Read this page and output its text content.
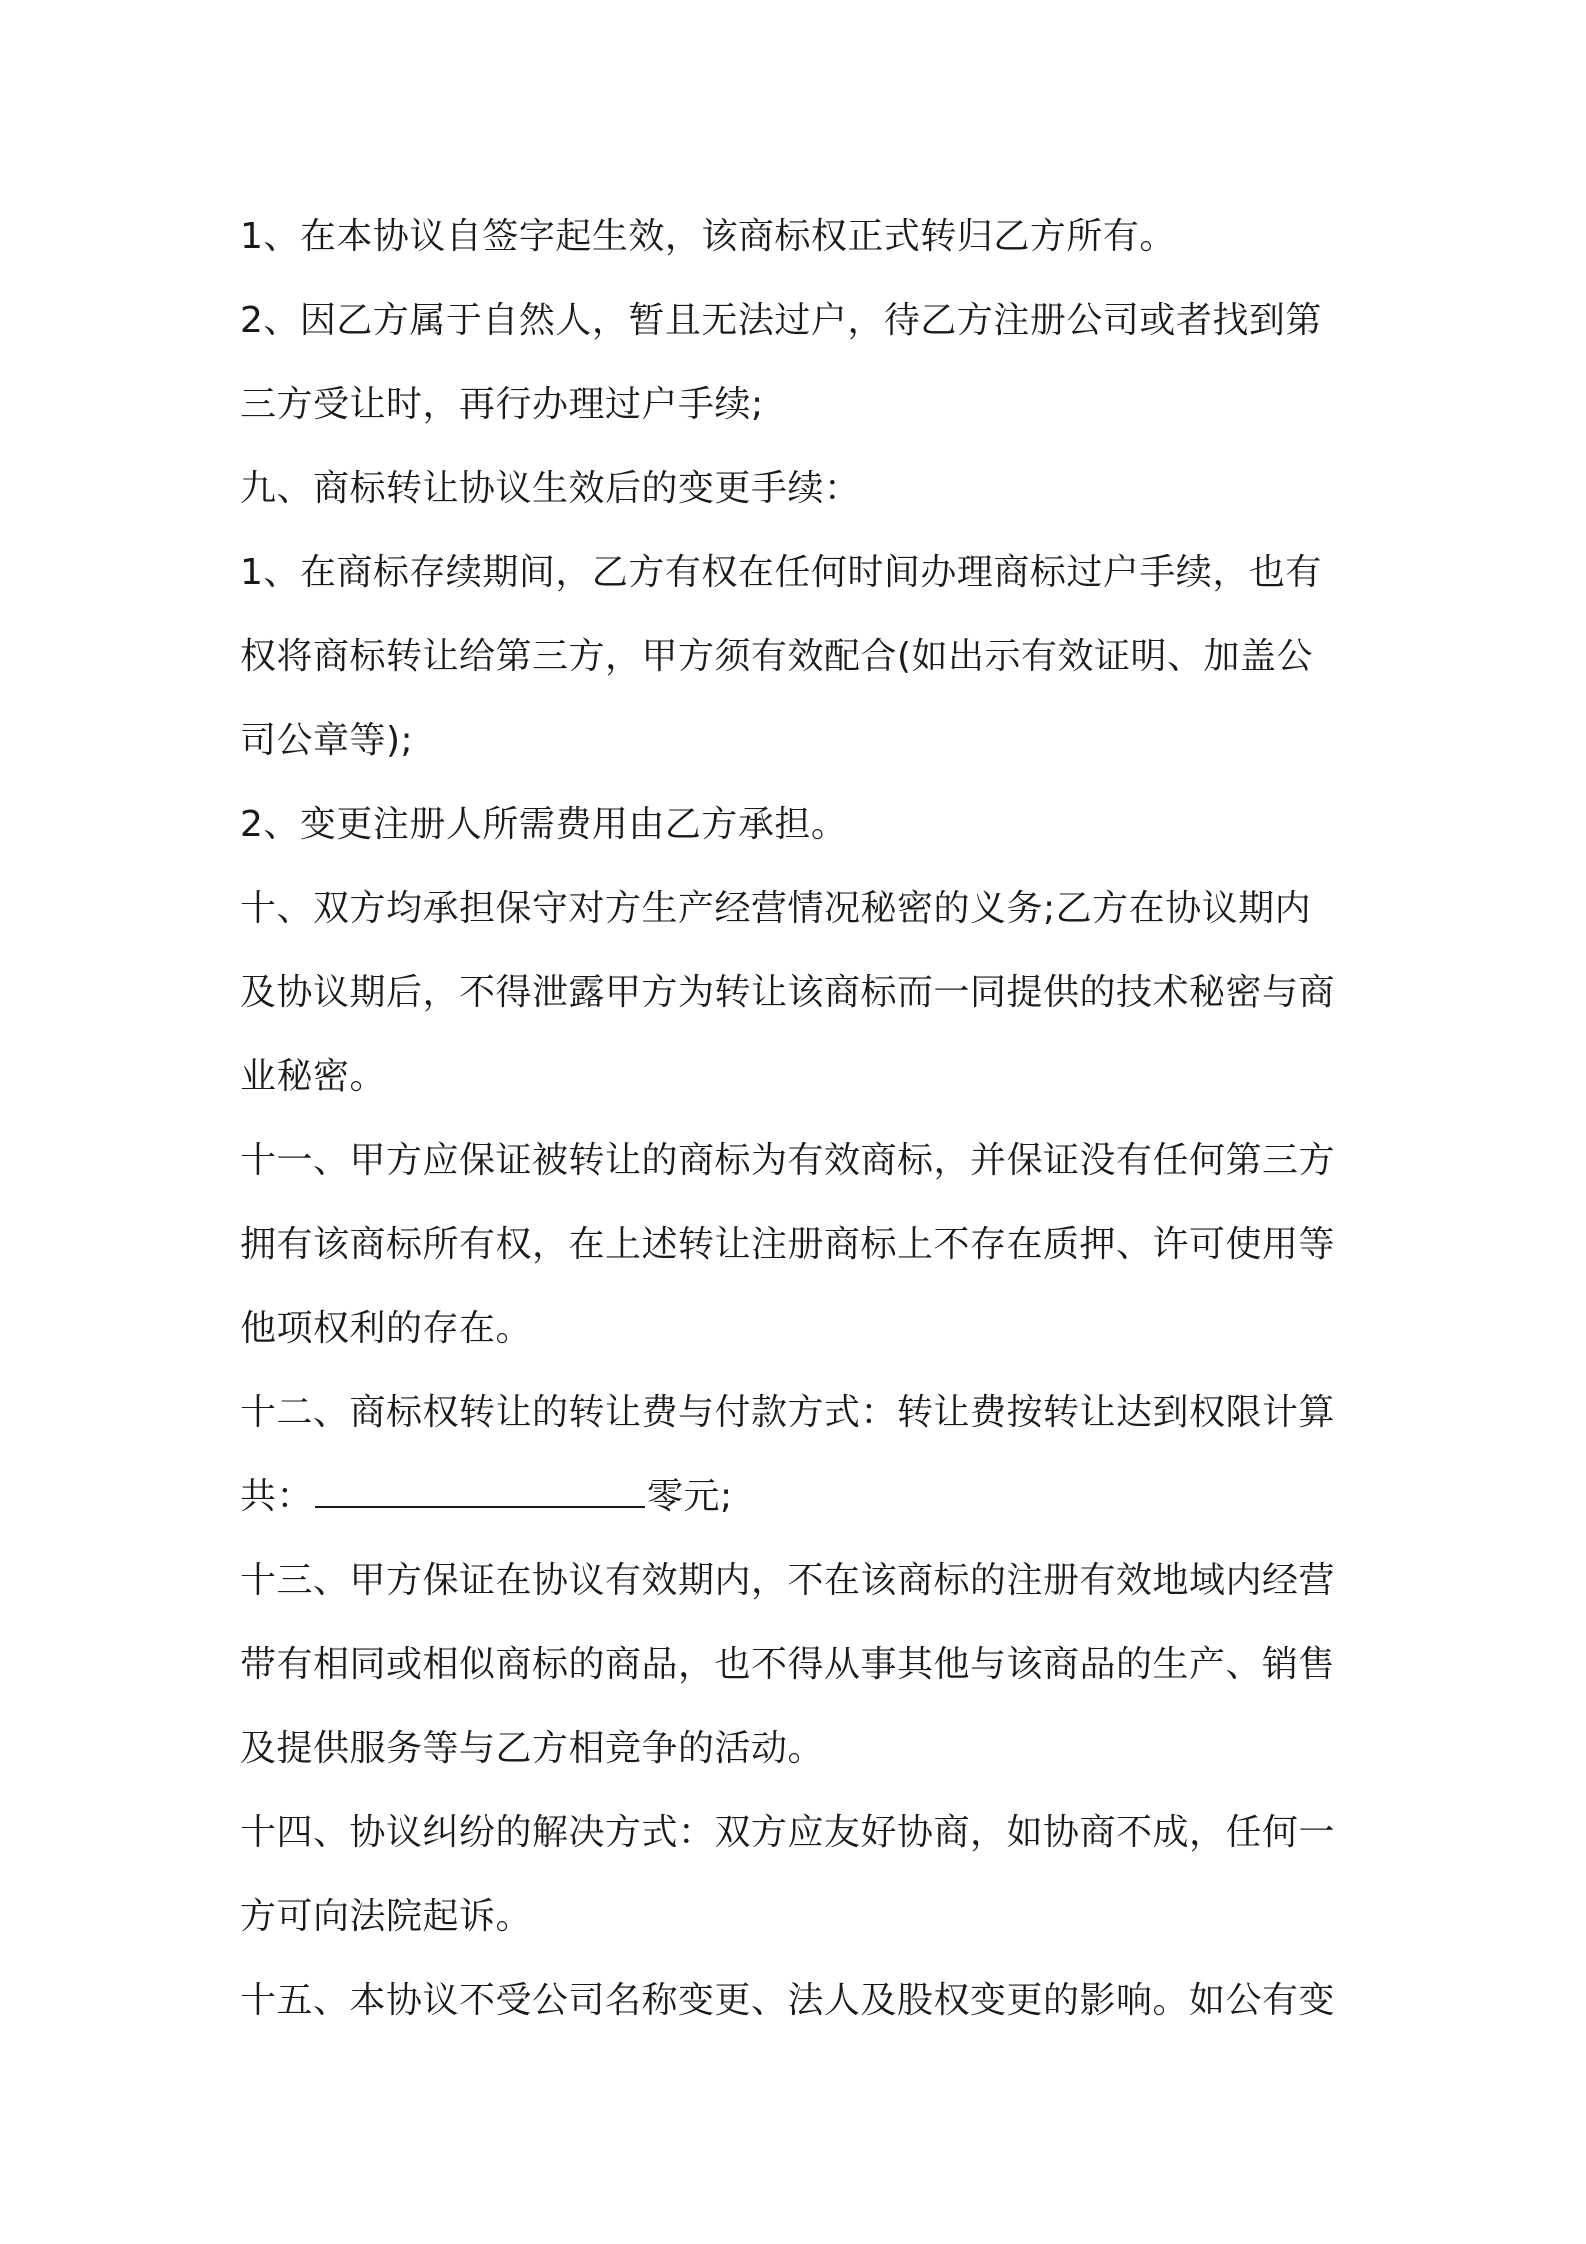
1、在本协议自签字起生效，该商标权正式转归乙方所有。
2、因乙方属于自然人，暂且无法过户，待乙方注册公司或者找到第
三方受让时，再行办理过户手续;
九、商标转让协议生效后的变更手续：
1、在商标存续期间，乙方有权在任何时间办理商标过户手续，也有
权将商标转让给第三方，甲方须有效配合(如出示有效证明、加盖公
司公章等);
2、变更注册人所需费用由乙方承担。
十、双方均承担保守对方生产经营情况秘密的义务;乙方在协议期内
及协议期后，不得泄露甲方为转让该商标而一同提供的技术秘密与商
业秘密。
十一、甲方应保证被转让的商标为有效商标，并保证没有任何第三方
拥有该商标所有权，在上述转让注册商标上不存在质押、许可使用等
他项权利的存在。
十二、商标权转让的转让费与付款方式：转让费按转让达到权限计算
共：	零元;
十三、甲方保证在协议有效期内，不在该商标的注册有效地域内经营
带有相同或相似商标的商品，也不得从事其他与该商品的生产、销售
及提供服务等与乙方相竞争的活动。
十四、协议纠纷的解决方式：双方应友好协商，如协商不成，任何一
方可向法院起诉。
十五、本协议不受公司名称变更、法人及股权变更的影响。如公有变
